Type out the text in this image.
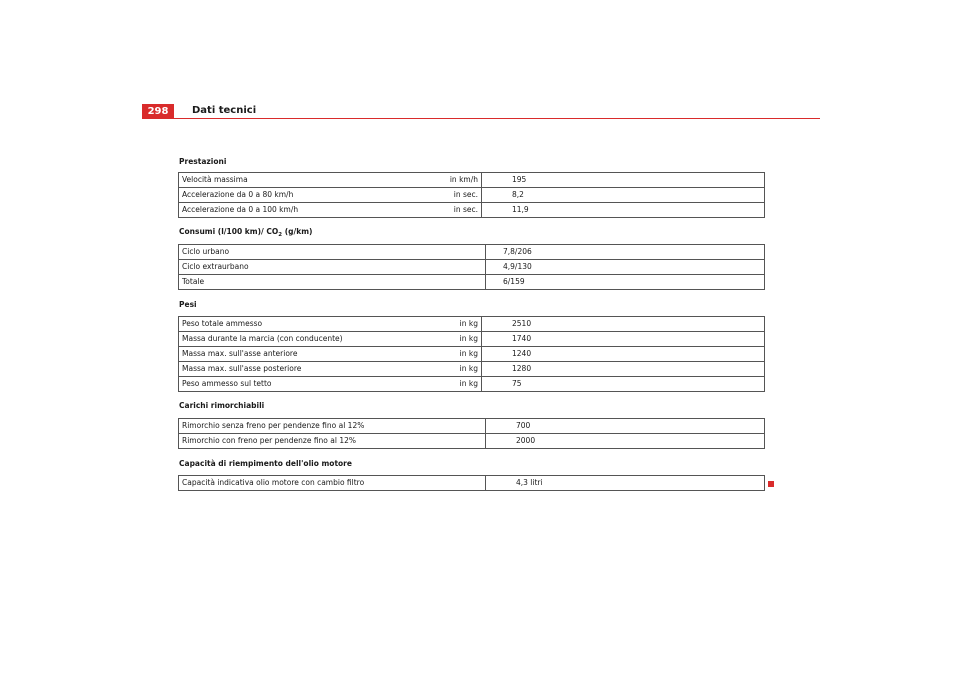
298	Dati tecnici
Prestazioni
Velocità massima	in km/h	195
Accelerazione da 0 a 80 km/h	in sec.	8,2
Accelerazione da 0 a 100 km/h	in sec.	11,9
Consumi (l/100 km)/ $CO_2$ (g/km)
Ciclo urbano	7,8/206
Ciclo extraurbano	4,9/130
Totale	6/159
Pesi
Peso totale ammesso	in kg	2510
Massa durante la marcia (con conducente)	in kg	1740
Massa max. sull'asse anteriore	in kg	1240
Massa max. sull'asse posteriore	in kg	1280
Peso ammesso sul tetto	in kg	75
Carichi rimorchiabili
Rimorchio senza freno per pendenze fino al 12%	700
Rimorchio con freno per pendenze fino al 12%	2000
Capacità di riempimento dell'olio motore
Capacità indicativa olio motore con cambio filtro	4,3 litri
